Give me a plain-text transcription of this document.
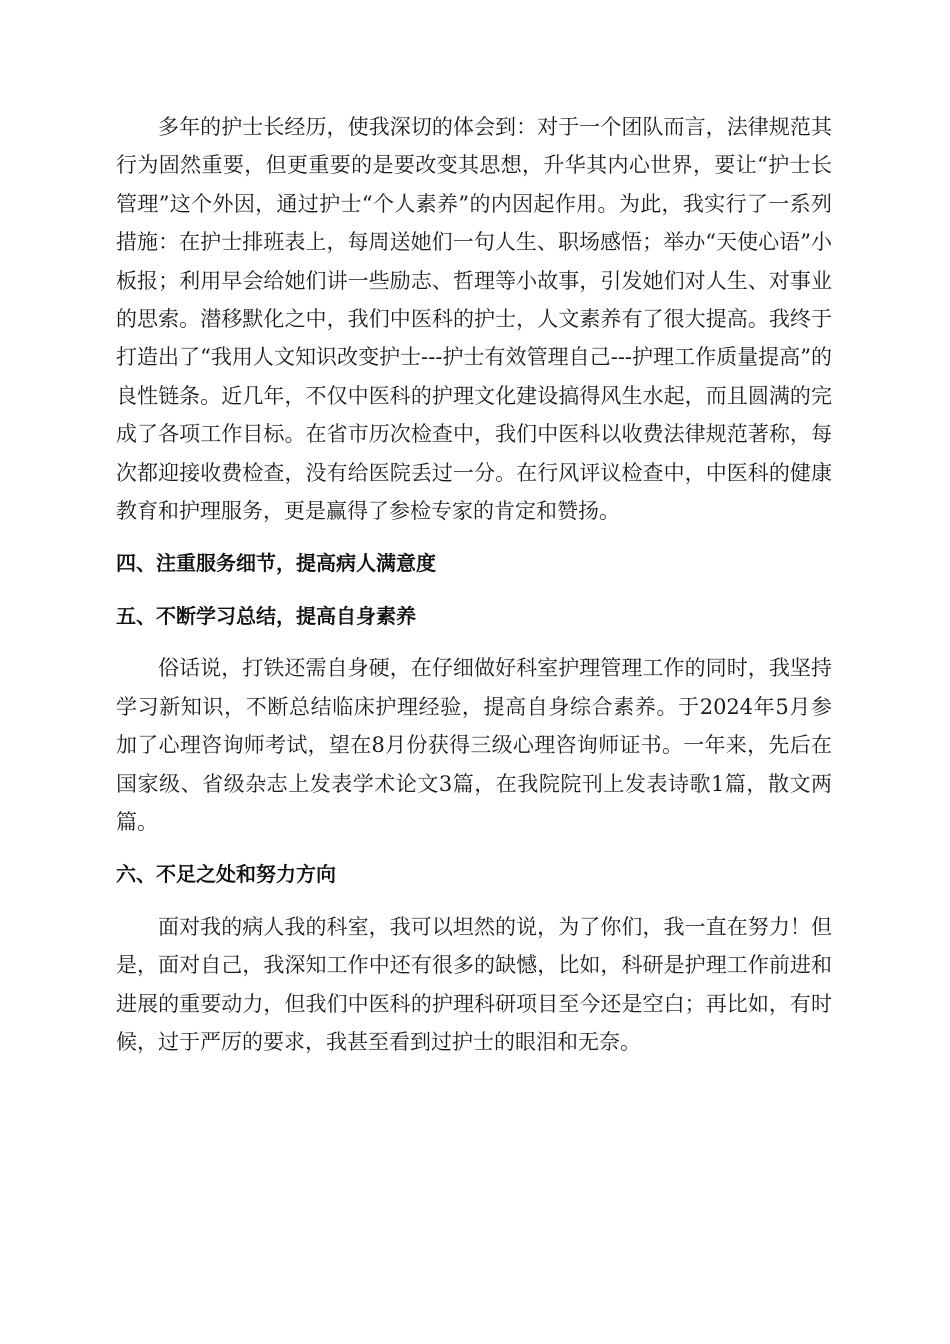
多年的护士长经历，使我深切的体会到：对于一个团队而言，法律规范其行为固然重要，但更重要的是要改变其思想，升华其内心世界，要让“护士长管理”这个外因，通过护士“个人素养”的内因起作用。为此，我实行了一系列措施：在护士排班表上，每周送她们一句人生、职场感悟；举办“天使心语”小板报；利用早会给她们讲一些励志、哲理等小故事，引发她们对人生、对事业的思索。潜移默化之中，我们中医科的护士，人文素养有了很大提高。我终于打造出了“我用人文知识改变护士---护士有效管理自己---护理工作质量提高”的良性链条。近几年，不仅中医科的护理文化建设搞得风生水起，而且圆满的完成了各项工作目标。在省市历次检查中，我们中医科以收费法律规范著称，每次都迎接收费检查，没有给医院丢过一分。在行风评议检查中，中医科的健康教育和护理服务，更是赢得了参检专家的肯定和赞扬。

四、注重服务细节，提高病人满意度

五、不断学习总结，提高自身素养

俗话说，打铁还需自身硬，在仔细做好科室护理管理工作的同时，我坚持学习新知识，不断总结临床护理经验，提高自身综合素养。于2024年5月参加了心理咨询师考试，望在8月份获得三级心理咨询师证书。一年来，先后在国家级、省级杂志上发表学术论文3篇，在我院院刊上发表诗歌1篇，散文两篇。

六、不足之处和努力方向

面对我的病人我的科室，我可以坦然的说，为了你们，我一直在努力！但是，面对自己，我深知工作中还有很多的缺憾，比如，科研是护理工作前进和进展的重要动力，但我们中医科的护理科研项目至今还是空白；再比如，有时候，过于严厉的要求，我甚至看到过护士的眼泪和无奈。
